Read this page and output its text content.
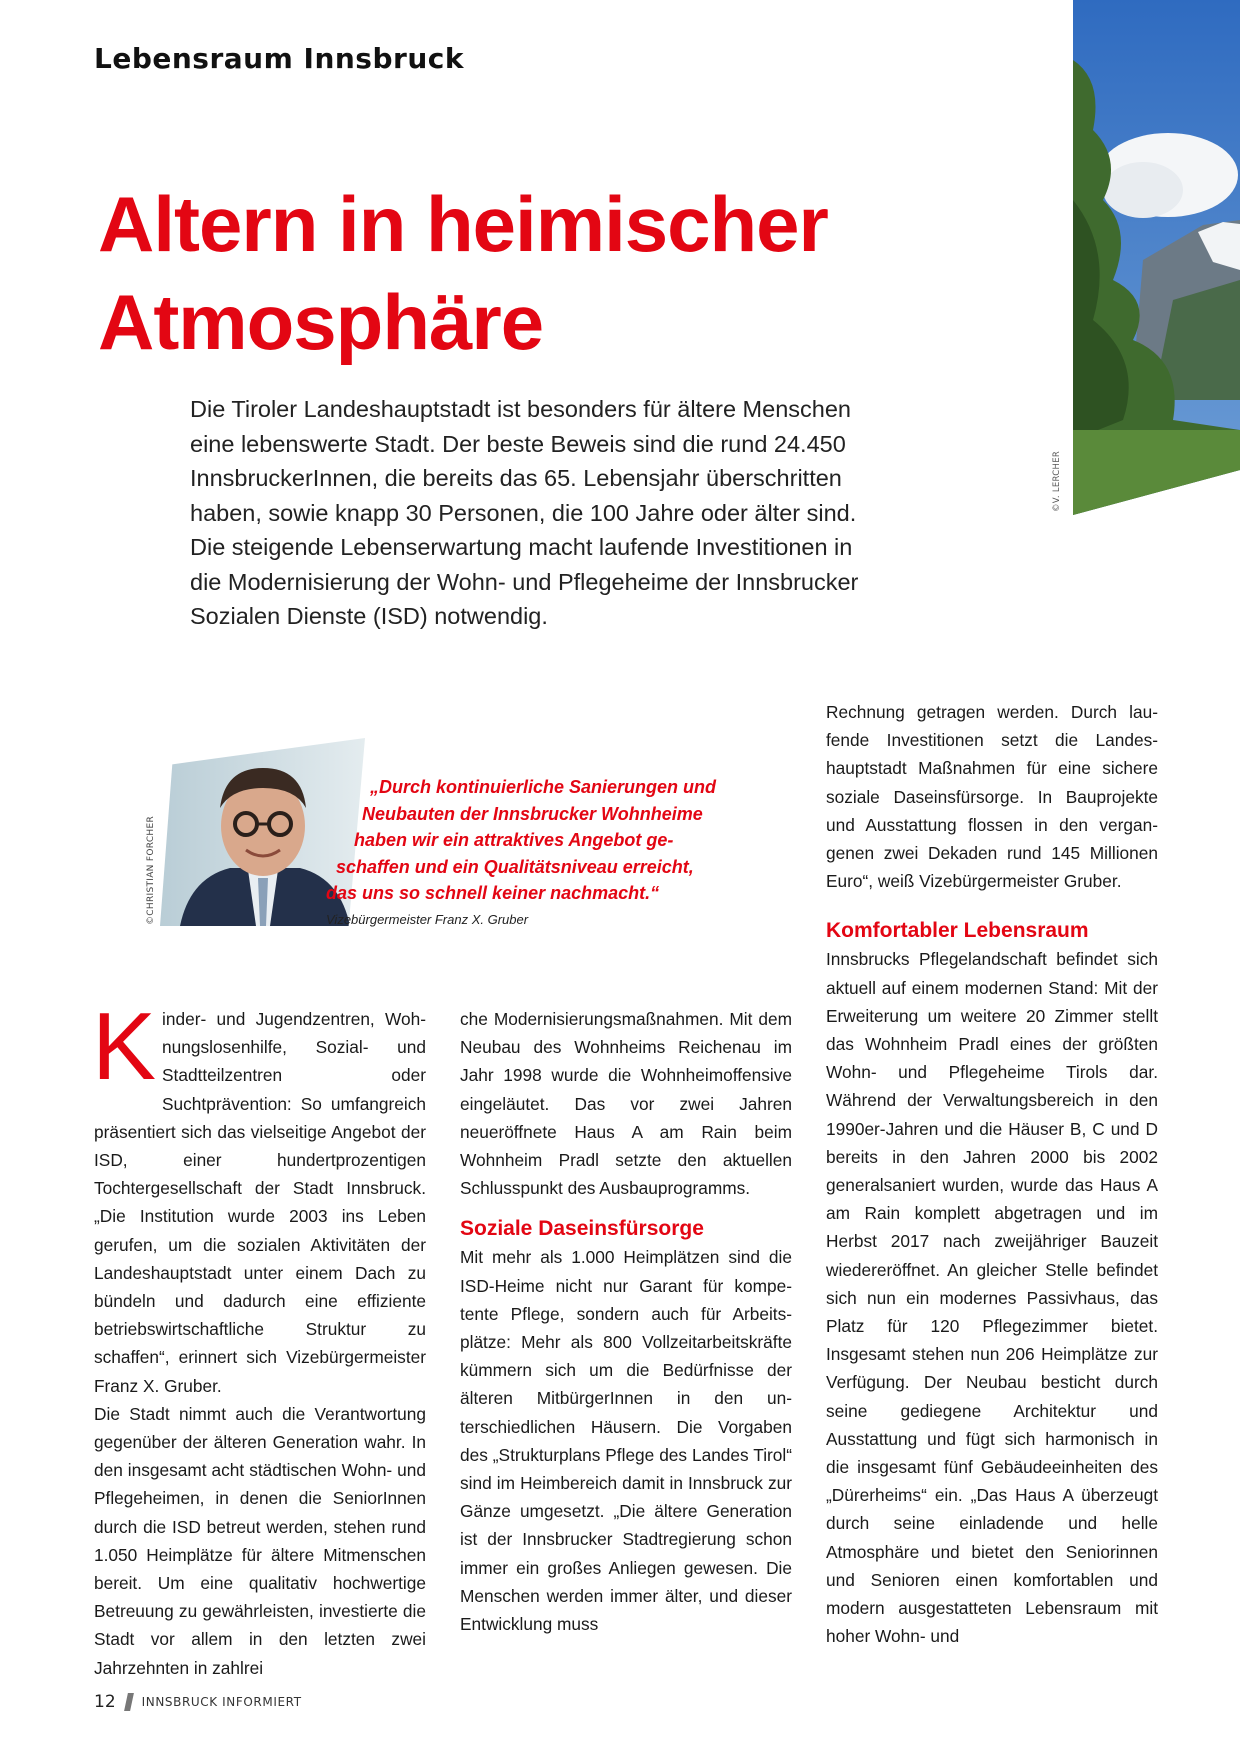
Lebensraum Innsbruck
Altern in heimischer
Atmosphäre
Die Tiroler Landeshauptstadt ist besonders für ältere Menschen eine lebenswerte Stadt. Der beste Beweis sind die rund 24.450 InnsbruckerInnen, die bereits das 65. Lebensjahr überschritten haben, sowie knapp 30 Personen, die 100 Jahre oder älter sind. Die steigende Lebenserwartung macht laufende Investitionen in die Modernisierung der Wohn- und Pflegeheime der Innsbrucker Sozialen Dienste (ISD) notwendig.
©V. LERCHER
©CHRISTIAN FORCHER
„Durch kontinuierliche Sanierungen und
Neubauten der Innsbrucker Wohnheime
haben wir ein attraktives Angebot ge-
schaffen und ein Qualitätsniveau erreicht,
das uns so schnell keiner nachmacht.“
Vizebürgermeister Franz X. Gruber

Kinder- und Jugendzentren, Wohnungslosenhilfe, Sozial- und Stadtteilzentren oder Suchtprävention: So umfangreich präsentiert sich das vielseitige Angebot der ISD, einer hundertprozentigen Tochtergesellschaft der Stadt Innsbruck. „Die Institution wurde 2003 ins Leben gerufen, um die sozialen Aktivitäten der Landeshauptstadt unter einem Dach zu bündeln und dadurch eine effiziente betriebswirtschaftliche Struktur zu schaffen“, erinnert sich Vizebürgermeister Franz X. Gruber.

Die Stadt nimmt auch die Verantwortung gegenüber der älteren Generation wahr. In den insgesamt acht städtischen Wohn- und Pflegeheimen, in denen die SeniorInnen durch die ISD betreut werden, stehen rund 1.050 Heimplätze für ältere Mitmenschen bereit. Um eine qualitativ hochwertige Betreuung zu gewährleisten, investierte die Stadt vor allem in den letzten zwei Jahrzehnten in zahlrei

che Modernisierungsmaßnahmen. Mit dem Neubau des Wohnheims Reichenau im Jahr 1998 wurde die Wohnheimoffensive eingeläutet. Das vor zwei Jahren neueröffnete Haus A am Rain beim Wohnheim Pradl setzte den aktuellen Schlusspunkt des Ausbauprogramms.

Soziale Daseinsfürsorge

Mit mehr als 1.000 Heimplätzen sind die ISD-Heime nicht nur Garant für kompetente Pflege, sondern auch für Arbeitsplätze: Mehr als 800 Vollzeitarbeitskräfte kümmern sich um die Bedürfnisse der älteren MitbürgerInnen in den unterschiedlichen Häusern. Die Vorgaben des „Strukturplans Pflege des Landes Tirol“ sind im Heimbereich damit in Innsbruck zur Gänze umgesetzt. „Die ältere Generation ist der Innsbrucker Stadtregierung schon immer ein großes Anliegen gewesen. Die Menschen werden immer älter, und dieser Entwicklung muss

Rechnung getragen werden. Durch laufende Investitionen setzt die Landeshauptstadt Maßnahmen für eine sichere soziale Daseinsfürsorge. In Bauprojekte und Ausstattung flossen in den vergangenen zwei Dekaden rund 145 Millionen Euro“, weiß Vizebürgermeister Gruber.

Komfortabler Lebensraum

Innsbrucks Pflegelandschaft befindet sich aktuell auf einem modernen Stand: Mit der Erweiterung um weitere 20 Zimmer stellt das Wohnheim Pradl eines der größten Wohn- und Pflegeheime Tirols dar. Während der Verwaltungsbereich in den 1990er-Jahren und die Häuser B, C und D bereits in den Jahren 2000 bis 2002 generalsaniert wurden, wurde das Haus A am Rain komplett abgetragen und im Herbst 2017 nach zweijähriger Bauzeit wiedereröffnet. An gleicher Stelle befindet sich nun ein modernes Passivhaus, das Platz für 120 Pflegezimmer bietet. Insgesamt stehen nun 206 Heimplätze zur Verfügung. Der Neubau besticht durch seine gediegene Architektur und Ausstattung und fügt sich harmonisch in die insgesamt fünf Gebäudeeinheiten des „Dürerheims“ ein. „Das Haus A überzeugt durch seine einladende und helle Atmosphäre und bietet den Seniorinnen und Senioren einen komfortablen und modern ausgestatteten Lebensraum mit hoher Wohn- und

12 INNSBRUCK INFORMIERT
